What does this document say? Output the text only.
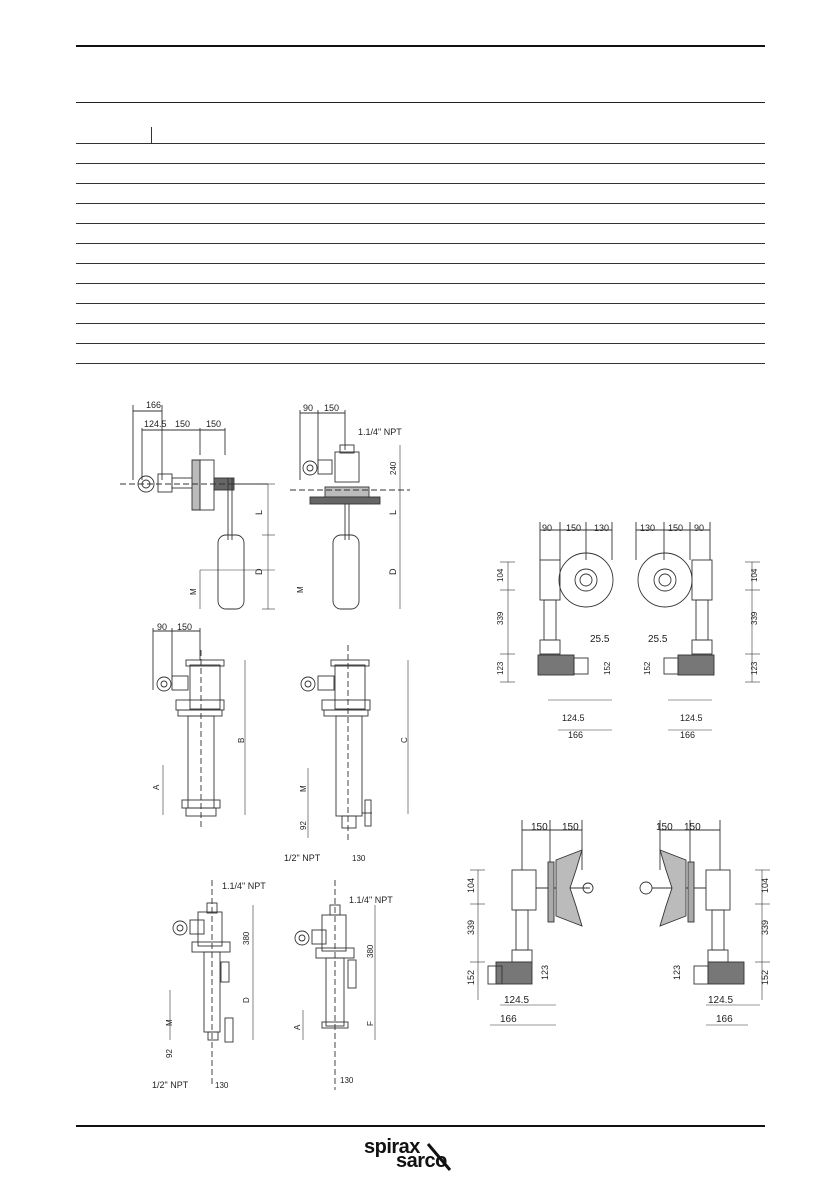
166
124.5 150 150
L
D
M
90 150
1.1/4" NPT
240
L
D
M
90 150
B
A
C
M
92
1/2" NPT	130
1.1/4" NPT
380
D
M
92
1/2" NPT	130
1.1/4" NPT
380
A
F
130
90 150 130
104
339
25.5
123	152
124.5
166
130 150 90
104
339
25.5
152	123
124.5
166
150 150
104
339
152	123
124.5
166
150 150
104
339
123	152
124.5
166
spirax
sarco
